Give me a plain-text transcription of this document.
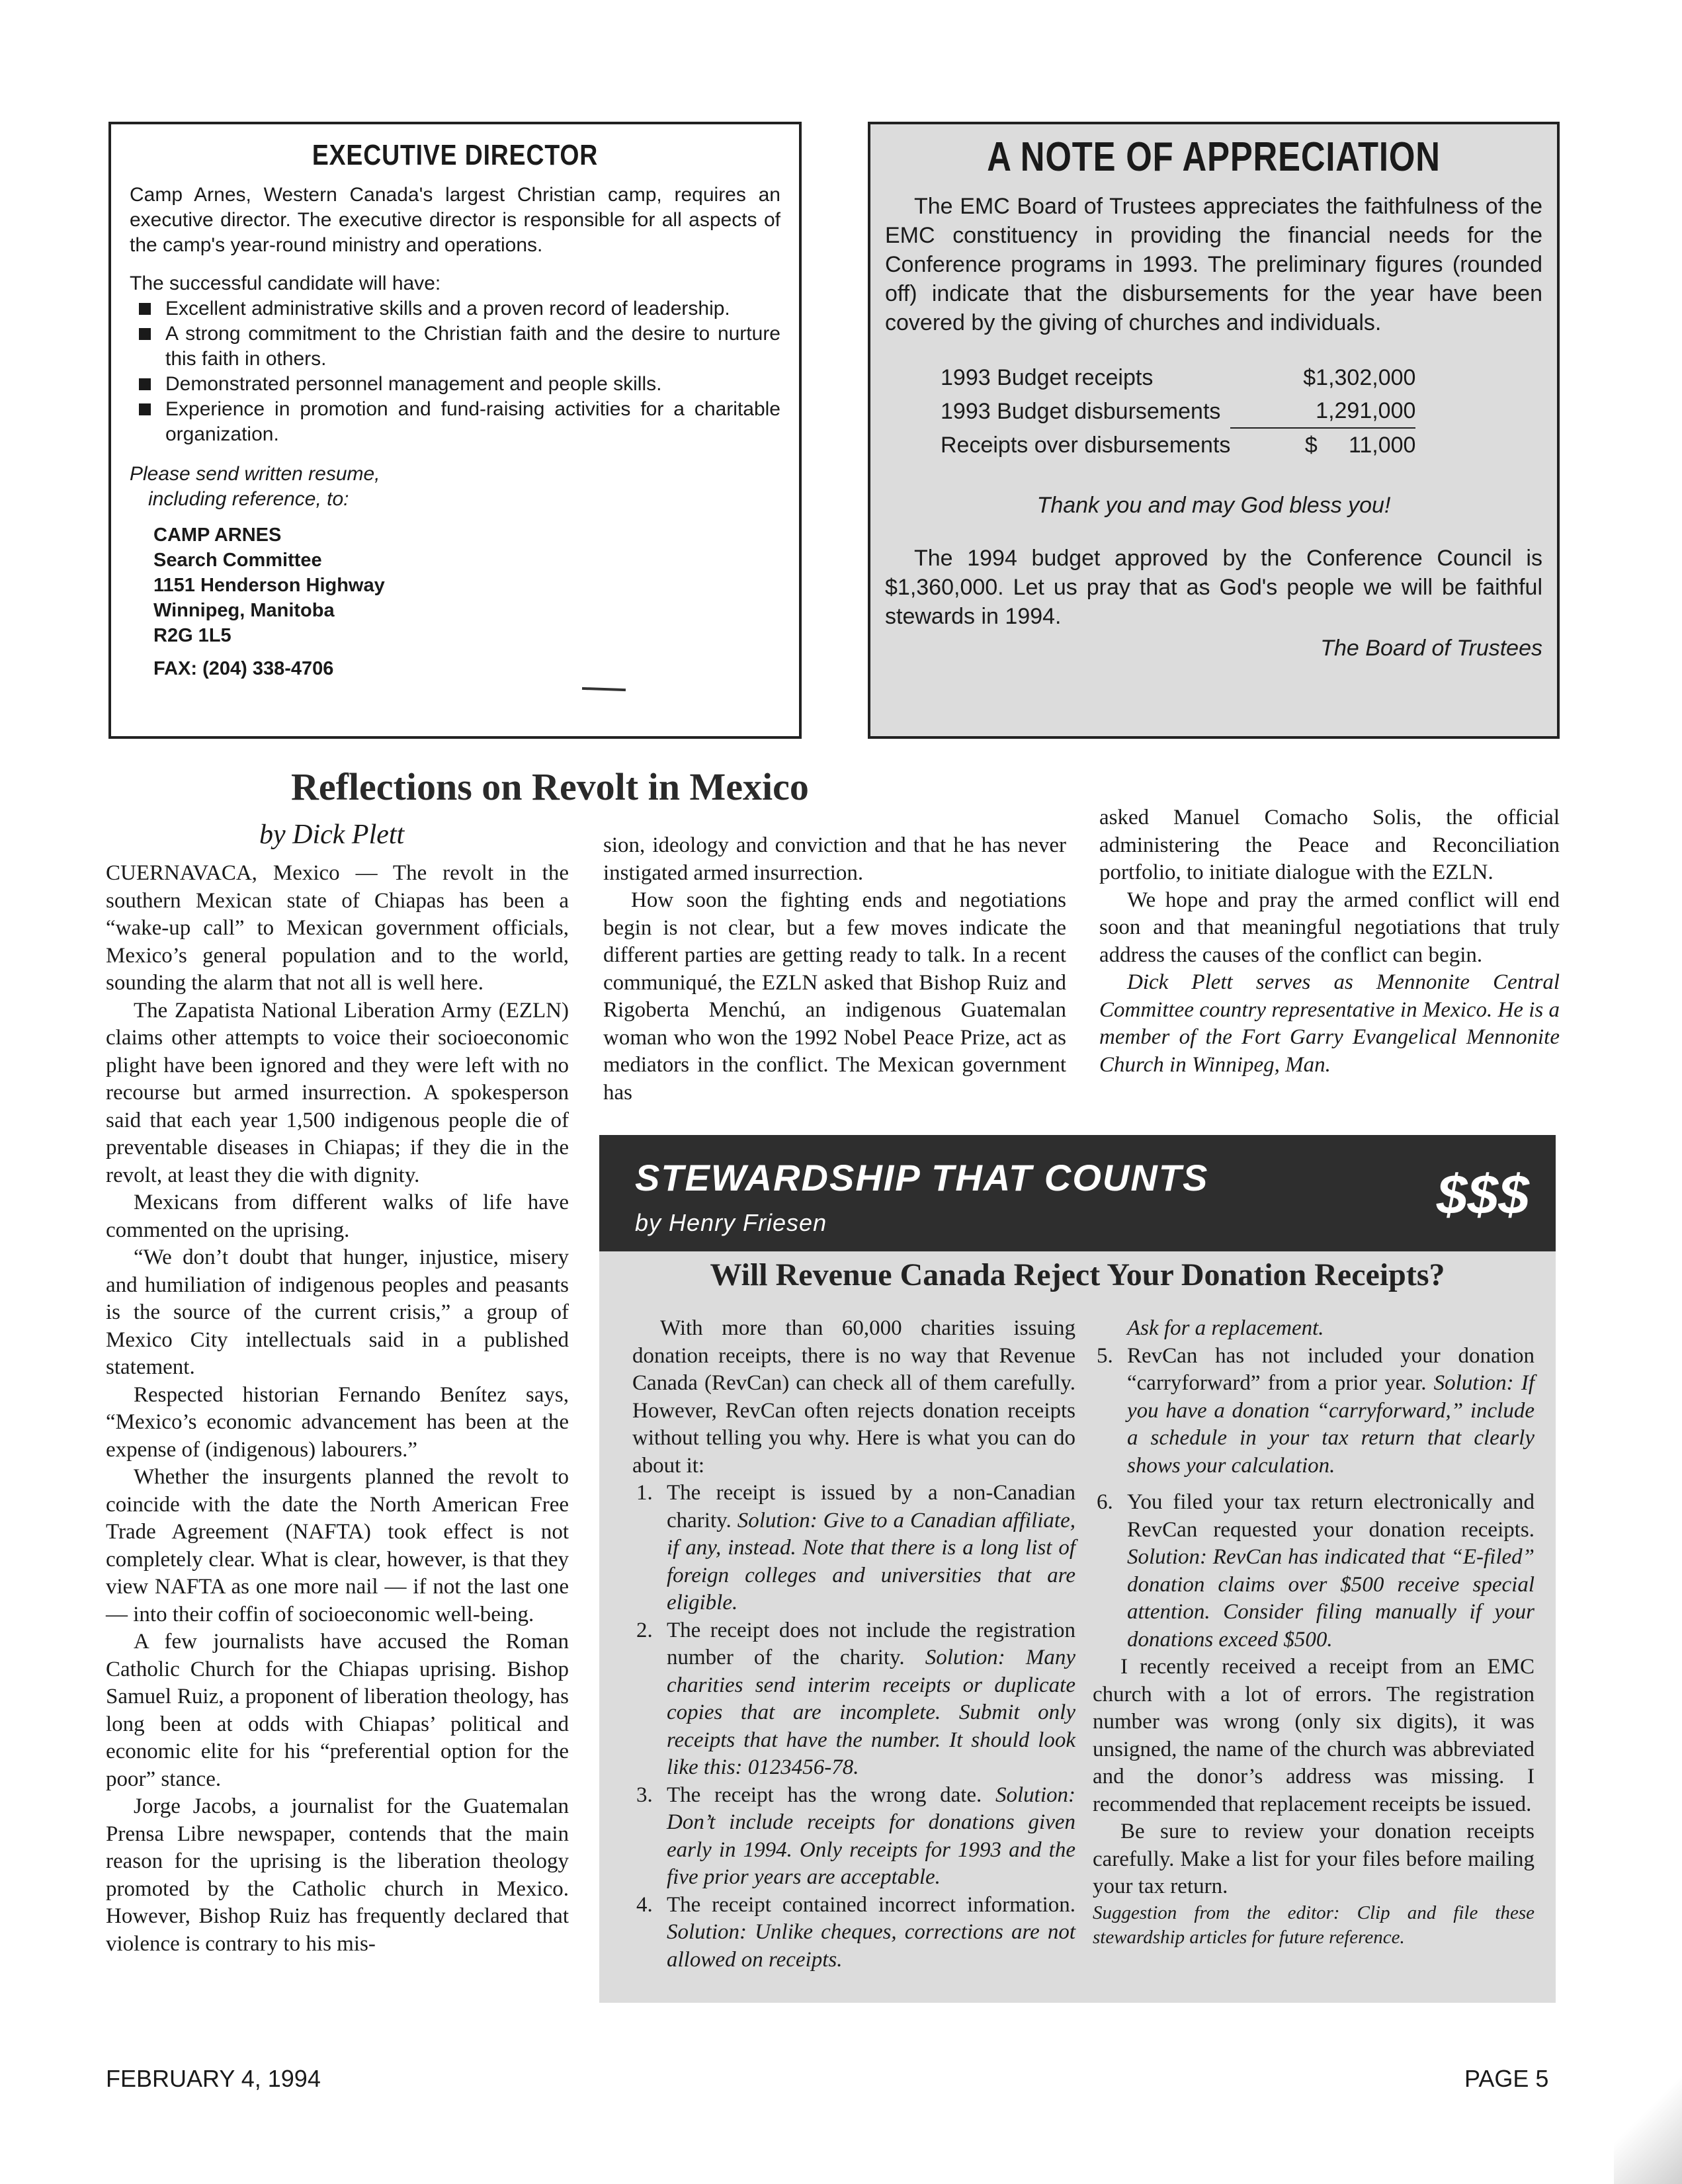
EXECUTIVE DIRECTOR

Camp Arnes, Western Canada's largest Christian camp, requires an executive director. The executive director is responsible for all aspects of the camp's year-round ministry and operations.

The successful candidate will have:

Excellent administrative skills and a proven record of leadership.
A strong commitment to the Christian faith and the desire to nurture this faith in others.
Demonstrated personnel management and people skills.
Experience in promotion and fund-raising activities for a charitable organization.

Please send written resume,

including reference, to:

CAMP ARNES

Search Committee

1151 Henderson Highway

Winnipeg, Manitoba

R2G 1L5

FAX: (204) 338-4706

A NOTE OF APPRECIATION

The EMC Board of Trustees appreciates the faithfulness of the EMC constituency in providing the financial needs for the Conference programs in 1993. The preliminary figures (rounded off) indicate that the disbursements for the year have been covered by the giving of churches and individuals.

1993 Budget receipts	$1,302,000
1993 Budget disbursements	1,291,000
Receipts over disbursements	$     11,000

Thank you and may God bless you!

The 1994 budget approved by the Conference Council is $1,360,000. Let us pray that as God's people we will be faithful stewards in 1994.

The Board of Trustees

Reflections on Revolt in Mexico
by Dick Plett

CUERNAVACA, Mexico — The revolt in the southern Mexican state of Chiapas has been a “wake-up call” to Mexican government officials, Mexico’s general population and to the world, sounding the alarm that not all is well here.

The Zapatista National Liberation Army (EZLN) claims other attempts to voice their socioeconomic plight have been ignored and they were left with no recourse but armed insurrection. A spokesperson said that each year 1,500 indigenous people die of preventable diseases in Chiapas; if they die in the revolt, at least they die with dignity.

Mexicans from different walks of life have commented on the uprising.

“We don’t doubt that hunger, injustice, misery and humiliation of indigenous peoples and peasants is the source of the current crisis,” a group of Mexico City intellectuals said in a published statement.

Respected historian Fernando Benítez says, “Mexico’s economic advancement has been at the expense of (indigenous) labourers.”

Whether the insurgents planned the revolt to coincide with the date the North American Free Trade Agreement (NAFTA) took effect is not completely clear. What is clear, however, is that they view NAFTA as one more nail — if not the last one — into their coffin of socioeconomic well-being.

A few journalists have accused the Roman Catholic Church for the Chiapas uprising. Bishop Samuel Ruiz, a proponent of liberation theology, has long been at odds with Chiapas’ political and economic elite for his “preferential option for the poor” stance.

Jorge Jacobs, a journalist for the Guatemalan Prensa Libre newspaper, contends that the main reason for the uprising is the liberation theology promoted by the Catholic church in Mexico. However, Bishop Ruiz has frequently declared that violence is contrary to his mis-

sion, ideology and conviction and that he has never instigated armed insurrection.

How soon the fighting ends and negotiations begin is not clear, but a few moves indicate the different parties are getting ready to talk. In a recent communiqué, the EZLN asked that Bishop Ruiz and Rigoberta Menchú, an indigenous Guatemalan woman who won the 1992 Nobel Peace Prize, act as mediators in the conflict. The Mexican government has

asked Manuel Comacho Solis, the official administering the Peace and Reconciliation portfolio, to initiate dialogue with the EZLN.

We hope and pray the armed conflict will end soon and that meaningful negotiations that truly address the causes of the conflict can begin.

Dick Plett serves as Mennonite Central Committee country representative in Mexico. He is a member of the Fort Garry Evangelical Mennonite Church in Winnipeg, Man.

STEWARDSHIP THAT COUNTS
by Henry Friesen	$$$
Will Revenue Canada Reject Your Donation Receipts?

With more than 60,000 charities issuing donation receipts, there is no way that Revenue Canada (RevCan) can check all of them carefully. However, RevCan often rejects donation receipts without telling you why. Here is what you can do about it:

1. The receipt is issued by a non-Canadian charity. Solution: Give to a Canadian affiliate, if any, instead. Note that there is a long list of foreign colleges and universities that are eligible.
2. The receipt does not include the registration number of the charity. Solution: Many charities send interim receipts or duplicate copies that are incomplete. Submit only receipts that have the number. It should look like this: 0123456-78.
3. The receipt has the wrong date. Solution: Don’t include receipts for donations given early in 1994. Only receipts for 1993 and the five prior years are acceptable.
4. The receipt contained incorrect information. Solution: Unlike cheques, corrections are not allowed on receipts.
Ask for a replacement.
5. RevCan has not included your donation “carryforward” from a prior year. Solution: If you have a donation “carryforward,” include a schedule in your tax return that clearly shows your calculation.
6. You filed your tax return electronically and RevCan requested your donation receipts. Solution: RevCan has indicated that “E-filed” donation claims over $500 receive special attention. Consider filing manually if your donations exceed $500.

I recently received a receipt from an EMC church with a lot of errors. The registration number was wrong (only six digits), it was unsigned, the name of the church was abbreviated and the donor’s address was missing. I recommended that replacement receipts be issued.

Be sure to review your donation receipts carefully. Make a list for your files before mailing your tax return.

Suggestion from the editor: Clip and file these stewardship articles for future reference.

FEBRUARY 4, 1994	PAGE 5
